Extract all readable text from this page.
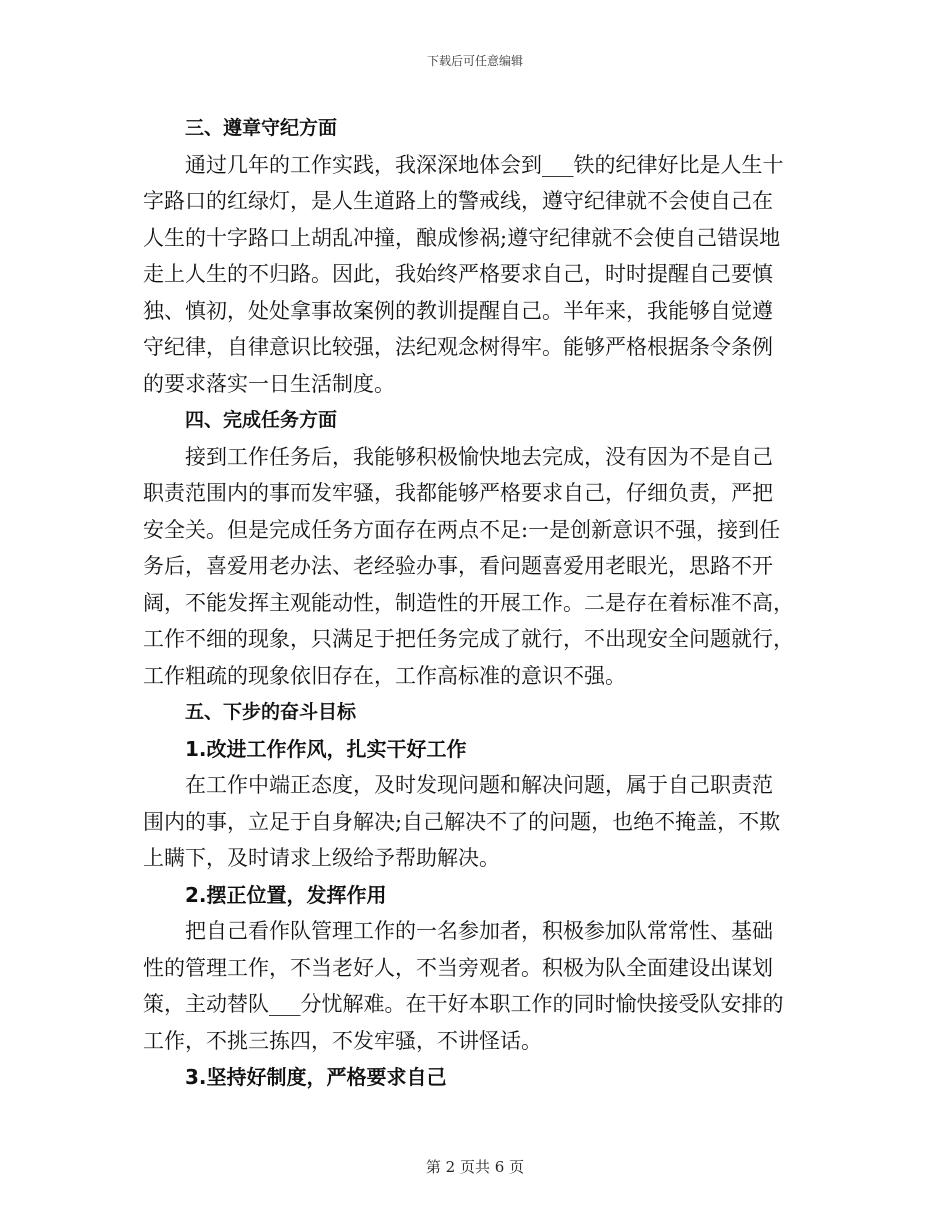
下载后可任意编辑
三、遵章守纪方面
通过几年的工作实践，我深深地体会到___铁的纪律好比是人生十
字路口的红绿灯，是人生道路上的警戒线，遵守纪律就不会使自己在
人生的十字路口上胡乱冲撞，酿成惨祸;遵守纪律就不会使自己错误地
走上人生的不归路。因此，我始终严格要求自己，时时提醒自己要慎
独、慎初，处处拿事故案例的教训提醒自己。半年来，我能够自觉遵
守纪律，自律意识比较强，法纪观念树得牢。能够严格根据条令条例
的要求落实一日生活制度。
四、完成任务方面
接到工作任务后，我能够积极愉快地去完成，没有因为不是自己
职责范围内的事而发牢骚，我都能够严格要求自己，仔细负责，严把
安全关。但是完成任务方面存在两点不足:一是创新意识不强，接到任
务后，喜爱用老办法、老经验办事，看问题喜爱用老眼光，思路不开
阔，不能发挥主观能动性，制造性的开展工作。二是存在着标准不高，
工作不细的现象，只满足于把任务完成了就行，不出现安全问题就行，
工作粗疏的现象依旧存在，工作高标准的意识不强。
五、下步的奋斗目标
1.改进工作作风，扎实干好工作
在工作中端正态度，及时发现问题和解决问题，属于自己职责范
围内的事，立足于自身解决;自己解决不了的问题，也绝不掩盖，不欺
上瞒下，及时请求上级给予帮助解决。
2.摆正位置，发挥作用
把自己看作队管理工作的一名参加者，积极参加队常常性、基础
性的管理工作，不当老好人，不当旁观者。积极为队全面建设出谋划
策，主动替队___分忧解难。在干好本职工作的同时愉快接受队安排的
工作，不挑三拣四，不发牢骚，不讲怪话。
3.坚持好制度，严格要求自己
第 2 页共 6 页
